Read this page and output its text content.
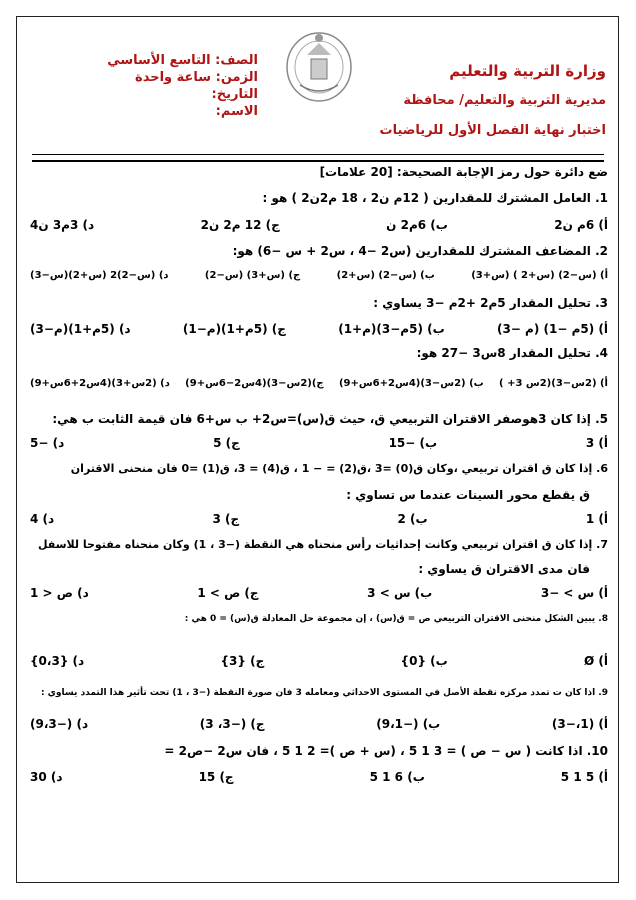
وزارة التربية والتعليم
مديرية التربية والتعليم/ محافظة
اختبار نهاية الفصل الأول للرياضيات
الصف: التاسع الأساسي
الزمن: ساعة واحدة
التاريخ:
الاسم:
ضع دائرة حول رمز الإجابة الصحيحة: [20 علامات]
1. العامل المشترك للمقدارين ( 12م ن2 ، 18 م2ن2 ) هو :
أ) 6م ن2
ب) 6م2 ن
ج) 12 م2 ن2
د) 3م3 ن4
2. المضاعف المشترك للمقدارين (س2 −4 ، س2 + س −6) هو:
أ) (س−2) (س+2 ) (س+3)
ب) (س−2) (س+2)
ج) (س+3) (س−2)
د) (س−2)2 (س+2)(س−3)
3. تحليل المقدار 5م2 +2م −3 يساوي :
أ) (5م −1) (م −3)
ب) (5م−3)(م+1)
ج) (5م+1)(م−1)
د) (5م+1)(م−3)
4. تحليل المقدار 8س3 −27 هو:
أ) (2س−3)(2س 3+ )
ب) (2س−3)(4س2+6س+9)
ج)(2س−3)(4س2−6س+9)
د) (2س+3)(4س2+6س+9)
5. إذا كان 3هوصفر الاقتران التربيعي ق، حيث ق(س)=س2+ ب س+6 فان قيمة الثابت ب هي:
أ) 3
ب) −15
ج) 5
د) −5
6. إذا كان ق اقتران تربيعي ،وكان ق(0) =3 ،ق(2) = − 1 ، ق(4) = 3، ق(1) =0 فان منحنى الاقتران
ق يقطع محور السينات عندما س تساوي :
أ) 1
ب) 2
ج) 3
د) 4
7. إذا كان ق اقتران تربيعي وكانت إحداثيات رأس منحناه هي النقطة (−3 ، 1) وكان منحناه مفتوحا للاسفل
فان مدى الاقتران ق يساوي :
أ) س > −3
ب) س > 3
ج) ص > 1
د) ص < 1
8. يبين الشكل منحنى الاقتران التربيعي ص = ق(س) ، إن مجموعة حل المعادلة ق(س) = 0 هي :
أ) Ø
ب) {0}
ج) {3}
د) {0،3}
9. اذا كان ت تمدد مركزه نقطة الأصل في المستوى الاحداثي ومعامله 3 فان صورة النقطة (−3 ، 1) تحت تأثير هذا التمدد يساوي :
أ) (1،−3)
ب) (−9،1)
ج) (−3، 3)
د) (−9،3)
10. اذا كانت ( س − ص ) = 3 1 5 ، (س + ص )= 2 1 5 ، فان س2 −ص2 =
أ) 5 1 5
ب) 6 1 5
ج) 15
د) 30
